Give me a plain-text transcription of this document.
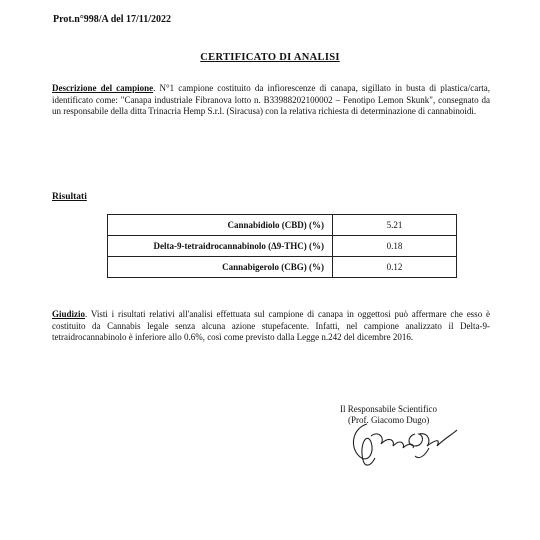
Prot.n°998/A del 17/11/2022
CERTIFICATO DI ANALISI
Descrizione del campione. N°1 campione costituito da infiorescenze di canapa, sigillato in busta di plastica/carta, identificato come: "Canapa industriale Fibranova lotto n. B33988202100002 – Fenotipo Lemon Skunk", consegnato da un responsabile della ditta Trinacria Hemp S.r.l. (Siracusa) con la relativa richiesta di determinazione di cannabinoidi.
Risultati
Cannabidiolo (CBD) (%)	5.21
Delta-9-tetraidrocannabinolo (Δ9-THC) (%)	0.18
Cannabigerolo (CBG) (%)	0.12
Giudizio. Visti i risultati relativi all'analisi effettuata sul campione di canapa in oggettosi può affermare che esso è costituito da Cannabis legale senza alcuna azione stupefacente. Infatti, nel campione analizzato il Delta-9-tetraidrocannabinolo è inferiore allo 0.6%, così come previsto dalla Legge n.242 del dicembre 2016.
Il Responsabile Scientifico
(Prof. Giacomo Dugo)
